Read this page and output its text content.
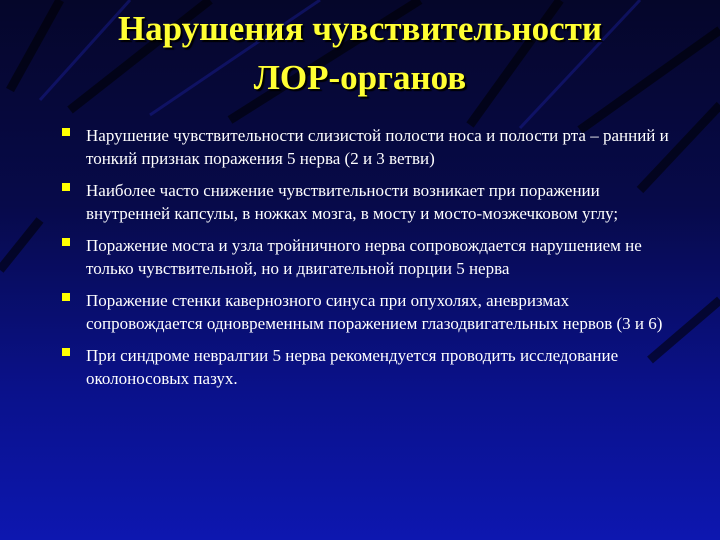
Нарушения чувствительности
ЛОР-органов
Нарушение чувствительности слизистой полости носа и полости рта – ранний и тонкий признак поражения 5 нерва (2 и 3 ветви)
Наиболее часто снижение чувствительности возникает при поражении внутренней капсулы, в ножках мозга, в мосту и мосто-мозжечковом углу;
Поражение моста и узла тройничного нерва сопровождается нарушением не только чувствительной, но и двигательной порции 5 нерва
Поражение стенки кавернозного синуса при опухолях, аневризмах сопровождается одновременным поражением глазодвигательных нервов (3 и 6)
При синдроме невралгии 5 нерва рекомендуется проводить исследование околоносовых пазух.
